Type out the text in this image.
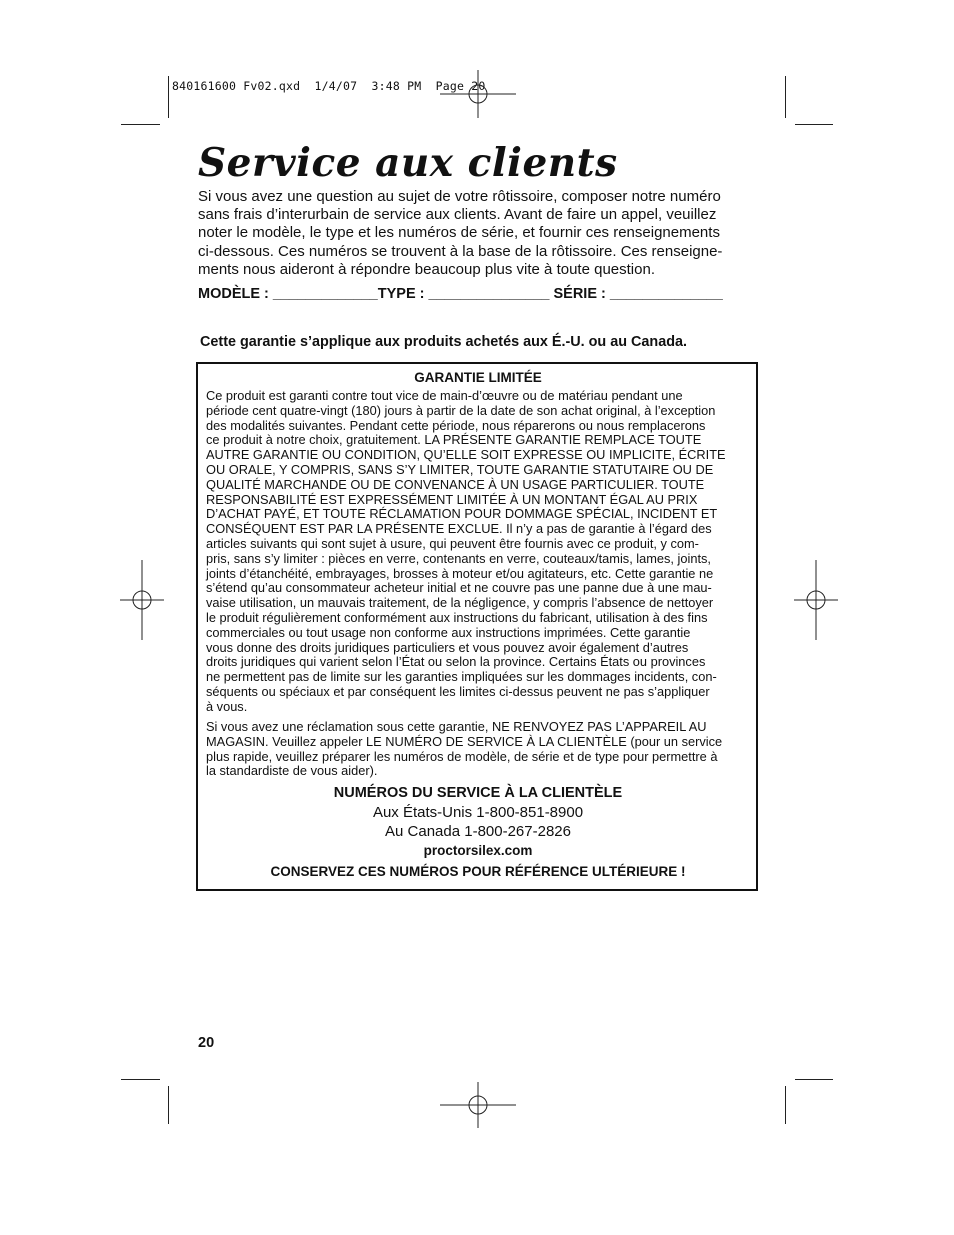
840161600 Fv02.qxd  1/4/07  3:48 PM  Page 20
Service aux clients
Si vous avez une question au sujet de votre rôtissoire, composer notre numéro
sans frais d’interurbain de service aux clients. Avant de faire un appel, veuillez
noter le modèle, le type et les numéros de série, et fournir ces renseignements
ci-dessous. Ces numéros se trouvent à la base de la rôtissoire. Ces renseigne-
ments nous aideront à répondre beaucoup plus vite à toute question.
MODÈLE : _____________TYPE : _______________ SÉRIE : ______________
Cette garantie s’applique aux produits achetés aux É.-U. ou au Canada.
GARANTIE LIMITÉE
Ce produit est garanti contre tout vice de main-d’œuvre ou de matériau pendant une
période cent quatre-vingt (180) jours à partir de la date de son achat original, à l’exception
des modalités suivantes. Pendant cette période, nous réparerons ou nous remplacerons
ce produit à notre choix, gratuitement. LA PRÉSENTE GARANTIE REMPLACE TOUTE
AUTRE GARANTIE OU CONDITION, QU’ELLE SOIT EXPRESSE OU IMPLICITE, ÉCRITE
OU ORALE, Y COMPRIS, SANS S’Y LIMITER, TOUTE GARANTIE STATUTAIRE OU DE
QUALITÉ MARCHANDE OU DE CONVENANCE À UN USAGE PARTICULIER. TOUTE
RESPONSABILITÉ EST EXPRESSÉMENT LIMITÉE À UN MONTANT ÉGAL AU PRIX
D’ACHAT PAYÉ, ET TOUTE RÉCLAMATION POUR DOMMAGE SPÉCIAL, INCIDENT ET
CONSÉQUENT EST PAR LA PRÉSENTE EXCLUE. Il n’y a pas de garantie à l’égard des
articles suivants qui sont sujet à usure, qui peuvent être fournis avec ce produit, y com-
pris, sans s’y limiter : pièces en verre, contenants en verre, couteaux/tamis, lames, joints,
joints d’étanchéité, embrayages, brosses à moteur et/ou agitateurs, etc. Cette garantie ne
s’étend qu’au consommateur acheteur initial et ne couvre pas une panne due à une mau-
vaise utilisation, un mauvais traitement, de la négligence, y compris l’absence de nettoyer
le produit régulièrement conformément aux instructions du fabricant, utilisation à des fins
commerciales ou tout usage non conforme aux instructions imprimées. Cette garantie
vous donne des droits juridiques particuliers et vous pouvez avoir également d’autres
droits juridiques qui varient selon l’État ou selon la province. Certains États ou provinces
ne permettent pas de limite sur les garanties impliquées sur les dommages incidents, con-
séquents ou spéciaux et par conséquent les limites ci-dessus peuvent ne pas s’appliquer
à vous.
Si vous avez une réclamation sous cette garantie, NE RENVOYEZ PAS L’APPAREIL AU
MAGASIN. Veuillez appeler LE NUMÉRO DE SERVICE À LA CLIENTÈLE (pour un service
plus rapide, veuillez préparer les numéros de modèle, de série et de type pour permettre à
la standardiste de vous aider).
NUMÉROS DU SERVICE À LA CLIENTÈLE
Aux États-Unis 1-800-851-8900
Au Canada 1-800-267-2826
proctorsilex.com
CONSERVEZ CES NUMÉROS POUR RÉFÉRENCE ULTÉRIEURE !
20
